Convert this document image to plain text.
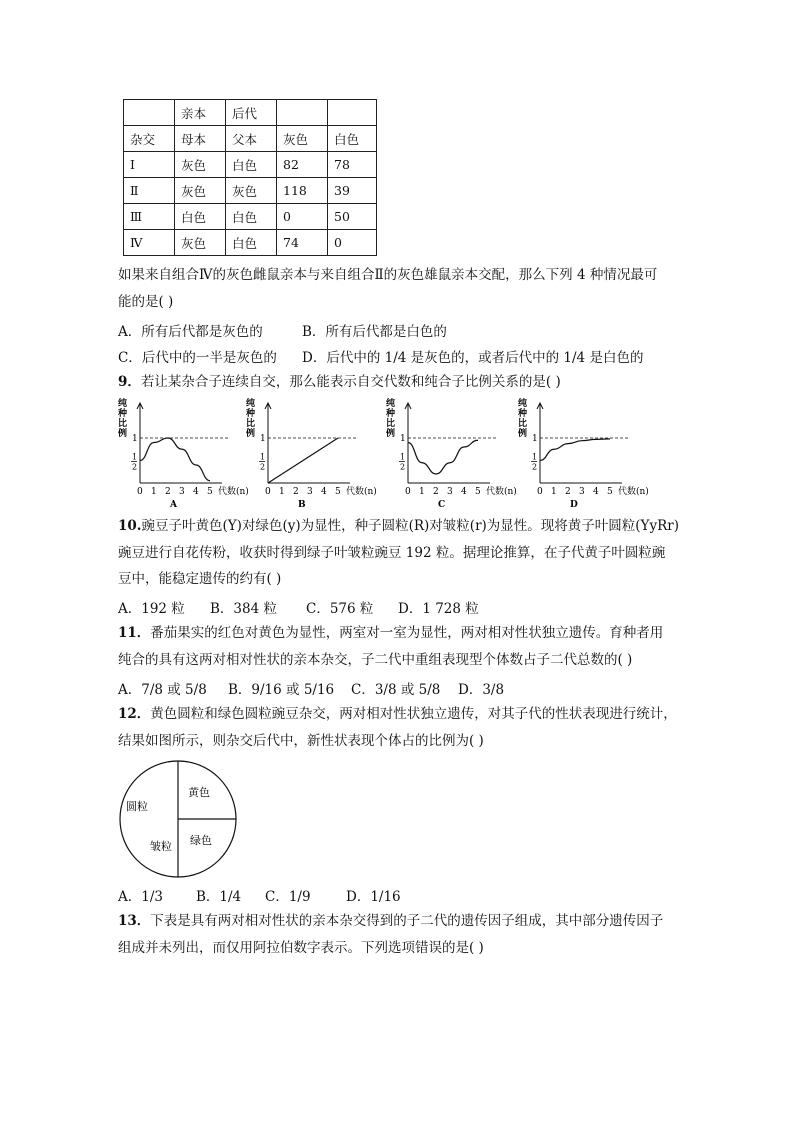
	亲本	后代		
杂交	母本	父本	灰色	白色
Ⅰ	灰色	白色	82	78
Ⅱ	灰色	灰色	118	39
Ⅲ	白色	白色	0	50
Ⅳ	灰色	白色	74	0
如果来自组合Ⅳ的灰色雌鼠亲本与来自组合Ⅱ的灰色雄鼠亲本交配，那么下列 4 种情况最可
能的是( )
A．所有后代都是灰色的	B．所有后代都是白色的
C．后代中的一半是灰色的 D．后代中的 1/4 是灰色的，或者后代中的 1/4 是白色的
9．若让某杂合子连续自交，那么能表示自交代数和纯合子比例关系的是( )
纯
种
比
例 1
1
2
0 1 2 3 4 5 代数(n)
A
纯
种
比
例 1
1
2
0 1 2 3 4 5 代数(n)
B
纯
种
比
例 1
1
2
0 1 2 3 4 5 代数(n)
C
纯
种
比
例 1
1
2
0 1 2 3 4 5 代数(n)
D
10.豌豆子叶黄色(Y)对绿色(y)为显性，种子圆粒(R)对皱粒(r)为显性。现将黄子叶圆粒(YyRr)
豌豆进行自花传粉，收获时得到绿子叶皱粒豌豆 192 粒。据理论推算，在子代黄子叶圆粒豌
豆中，能稳定遗传的约有( )
A．192 粒 B．384 粒 C．576 粒 D．1 728 粒
11．番茄果实的红色对黄色为显性，两室对一室为显性，两对相对性状独立遗传。育种者用
纯合的具有这两对相对性状的亲本杂交，子二代中重组表现型个体数占子二代总数的( )
A．7/8 或 5/8 B．9/16 或 5/16 C．3/8 或 5/8 D．3/8
12．黄色圆粒和绿色圆粒豌豆杂交，两对相对性状独立遗传，对其子代的性状表现进行统计，
结果如图所示，则杂交后代中，新性状表现个体占的比例为( )
黄色
绿色
皱粒
圆粒
A．1/3 B．1/4 C．1/9	D．1/16
13．下表是具有两对相对性状的亲本杂交得到的子二代的遗传因子组成，其中部分遗传因子
组成并未列出，而仅用阿拉伯数字表示。下列选项错误的是( )
